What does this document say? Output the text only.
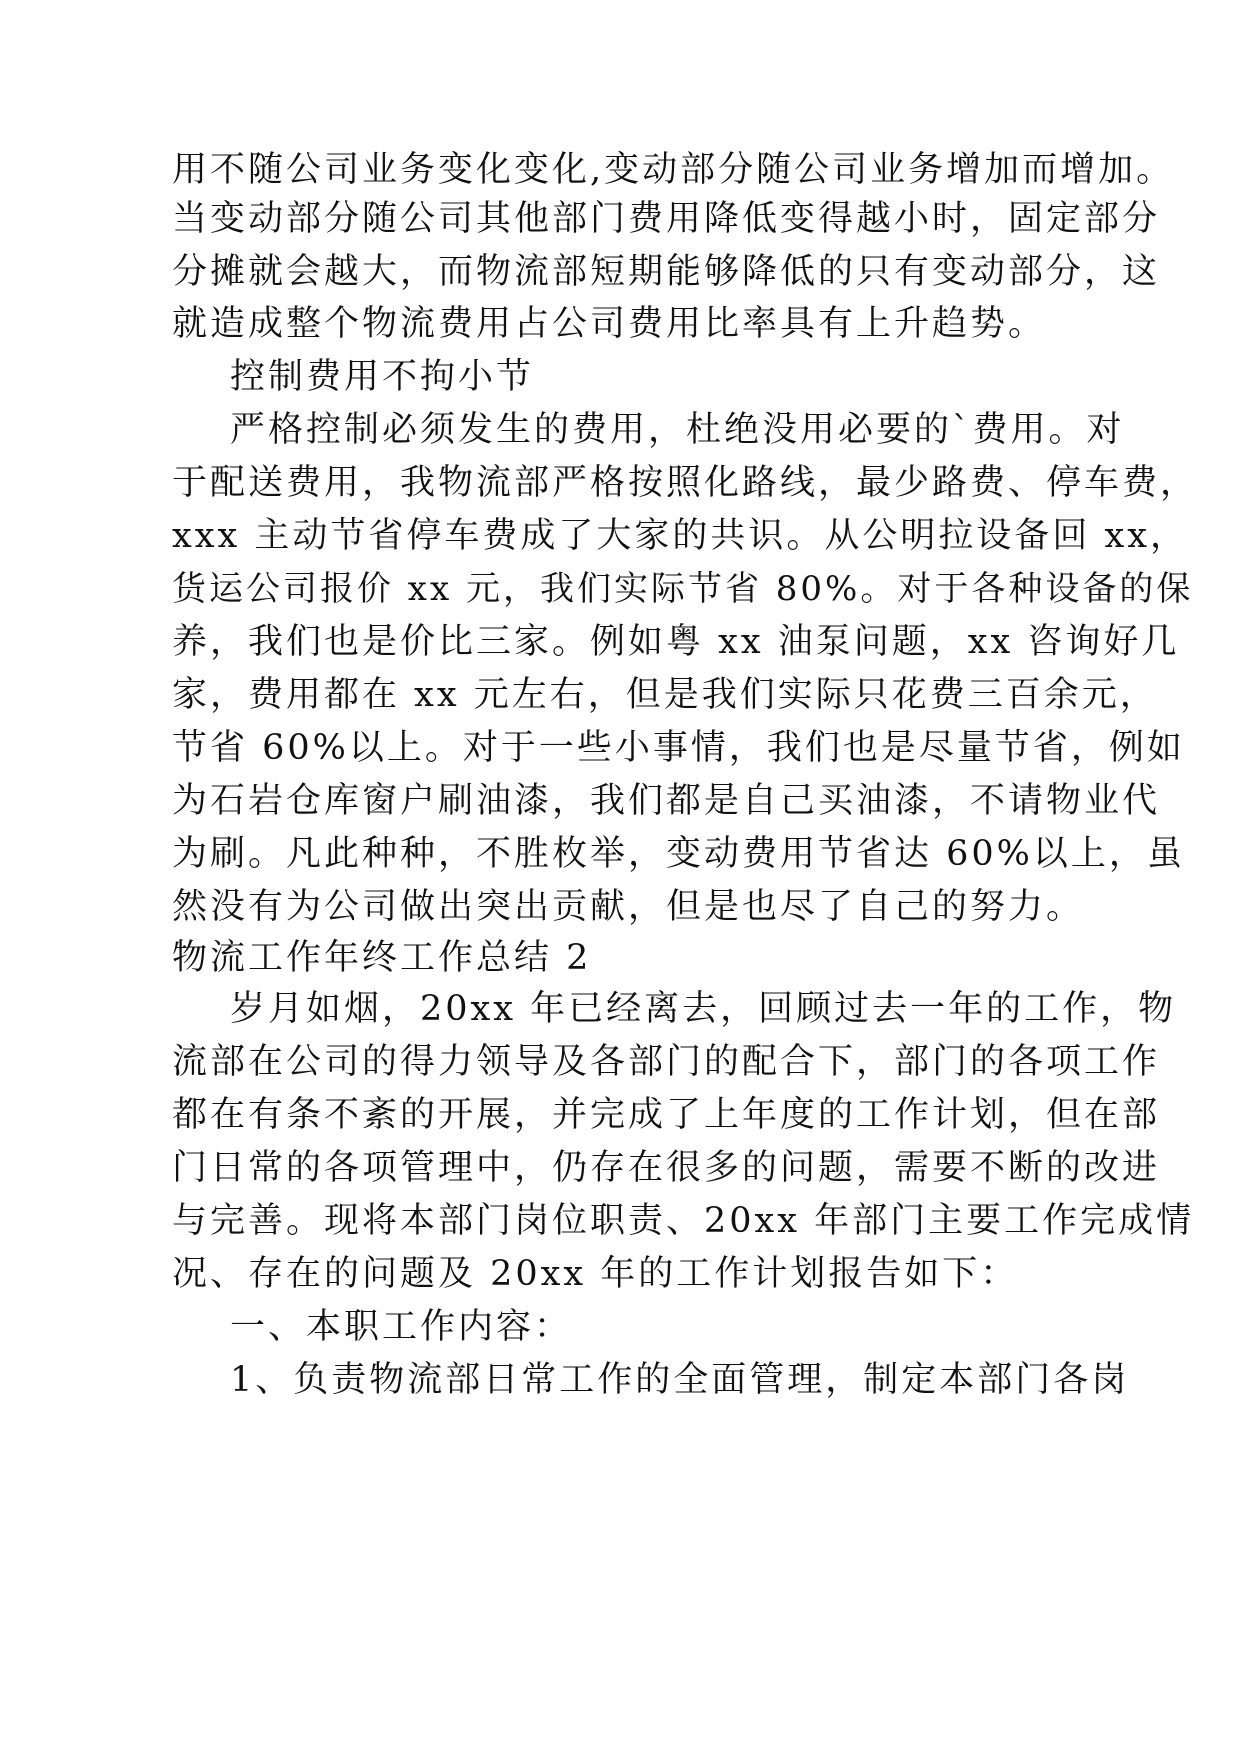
用不随公司业务变化变化,变动部分随公司业务增加而增加。
当变动部分随公司其他部门费用降低变得越小时，固定部分
分摊就会越大，而物流部短期能够降低的只有变动部分，这
就造成整个物流费用占公司费用比率具有上升趋势。
控制费用不拘小节
严格控制必须发生的费用，杜绝没用必要的`费用。对
于配送费用，我物流部严格按照化路线，最少路费、停车费，
xxx 主动节省停车费成了大家的共识。从公明拉设备回 xx，
货运公司报价 xx 元，我们实际节省 80%。对于各种设备的保
养，我们也是价比三家。例如粤 xx 油泵问题，xx 咨询好几
家，费用都在 xx 元左右，但是我们实际只花费三百余元，
节省 60%以上。对于一些小事情，我们也是尽量节省，例如
为石岩仓库窗户刷油漆，我们都是自己买油漆，不请物业代
为刷。凡此种种，不胜枚举，变动费用节省达 60%以上，虽
然没有为公司做出突出贡献，但是也尽了自己的努力。
物流工作年终工作总结 2
岁月如烟，20xx 年已经离去，回顾过去一年的工作，物
流部在公司的得力领导及各部门的配合下，部门的各项工作
都在有条不紊的开展，并完成了上年度的工作计划，但在部
门日常的各项管理中，仍存在很多的问题，需要不断的改进
与完善。现将本部门岗位职责、20xx 年部门主要工作完成情
况、存在的问题及 20xx 年的工作计划报告如下：
一、本职工作内容：
1、负责物流部日常工作的全面管理，制定本部门各岗
